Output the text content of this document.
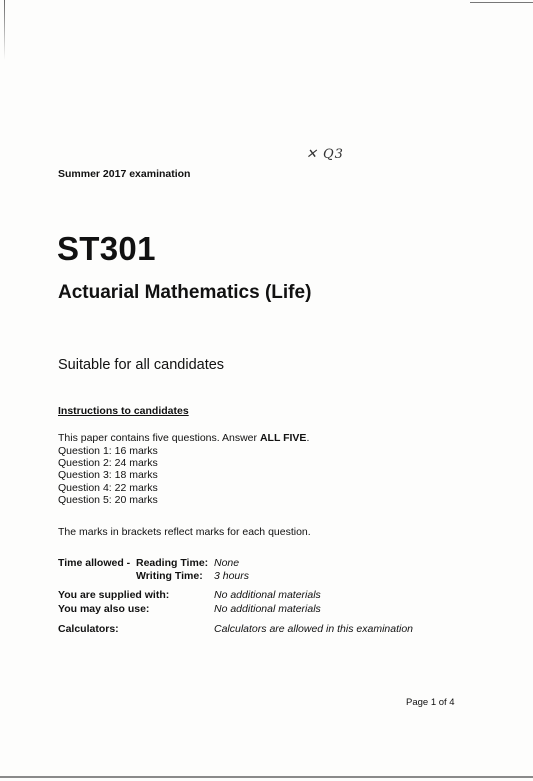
✕ Q3
Summer 2017 examination
ST301
Actuarial Mathematics (Life)
Suitable for all candidates
Instructions to candidates
This paper contains five questions. Answer ALL FIVE.
Question 1: 16 marks
Question 2: 24 marks
Question 3: 18 marks
Question 4: 22 marks
Question 5: 20 marks
The marks in brackets reflect marks for each question.
Time allowed - Reading Time: None
Writing Time: 3 hours
You are supplied with:	No additional materials
You may also use:	No additional materials
Calculators:	Calculators are allowed in this examination
Page 1 of 4
